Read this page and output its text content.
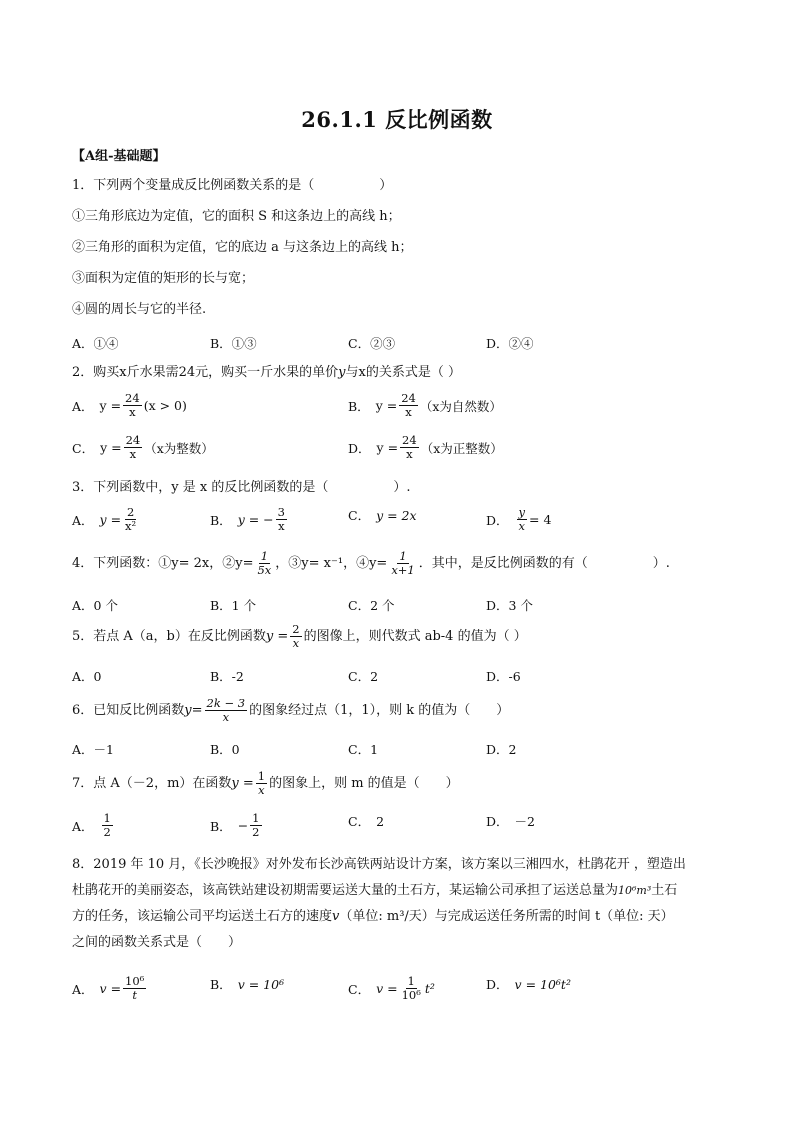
26.1.1 反比例函数
【A组-基础题】
1．下列两个变量成反比例函数关系的是（　　　　　）
①三角形底边为定值，它的面积 S 和这条边上的高线 h；
②三角形的面积为定值，它的底边 a 与这条边上的高线 h；
③面积为定值的矩形的长与宽；
④圆的周长与它的半径.
A．①④	B．①③	C．②③	D．②④
2．购买x斤水果需24元，购买一斤水果的单价y与x的关系式是（ ）
A． $y = \frac{24}{x} (x > 0)$	B． $y = \frac{24}{x} (x$为自然数）
C． $y = \frac{24}{x} (x$为整数）	D． $y = \frac{24}{x} (x$为正整数）
3．下列函数中，y 是 x 的反比例函数的是（　　　　　）.
A． $y = \frac{2}{\text{x²}}$	B． y = − $\frac{3}{x}$	C． y = 2x	D． $\frac{y}{x} = 4$
4．下列函数：①y= 2x，②y= $\frac{1}{5x}$ ，③y= x⁻¹，④y= $\frac{1}{x+1}$ ．其中，是反比例函数的有（　　　　　）.
A．0 个	B．1 个	C．2 个	D．3 个
5．若点 A（a，b）在反比例函数 $y = \frac{2}{x}$ 的图像上，则代数式 ab-4 的值为（ ）
A．0	B．-2	C．2	D．-6
6．已知反比例函数 $y= \frac{2k - 3}{x}$ 的图象经过点（1，1），则 k 的值为（　　）
A．－1	B．0	C．1	D．2
7．点 A（－2，m）在函数 $y = \frac{1}{x}$ 的图象上，则 m 的值是（　　）
A． $\frac{1}{2}$	B． − $\frac{1}{2}$	C． 2	D． －2
8．2019 年 10 月，《长沙晚报》对外发布长沙高铁两站设计方案，该方案以三湘四水，杜鹃花开 ，塑造出
杜鹃花开的美丽姿态，该高铁站建设初期需要运送大量的土石方，某运输公司承担了运送总量为10⁶m³土石
方的任务，该运输公司平均运送土石方的速度v（单位: m³/天）与完成运送任务所需的时间 t（单位: 天）
之间的函数关系式是（　　）
A． $v = \frac{\text{10⁶}}{t}$	B． v = 10⁶	C． $v = \frac{1}{\text{10⁶}} t^2$	D． v = 10⁶t²
